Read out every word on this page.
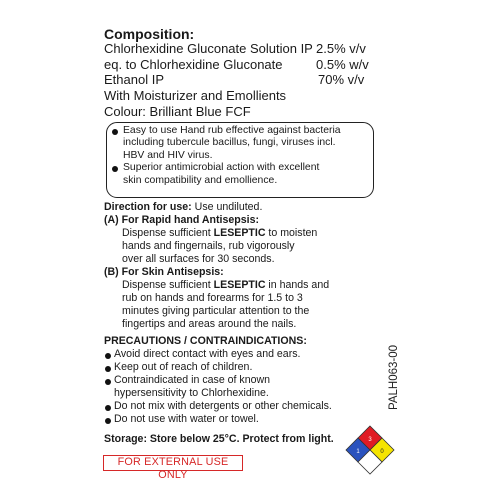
Composition:
Chlorhexidine Gluconate Solution IP 2.5% v/v
eq. to Chlorhexidine Gluconate	0.5% w/v
Ethanol IP	70% v/v
With Moisturizer and Emollients
Colour: Brilliant Blue FCF
Easy to use Hand rub effective against bacteria
including tubercule bacillus, fungi, viruses incl.
HBV and HIV virus.
Superior antimicrobial action with excellent
skin compatibility and emollience.
Direction for use: Use undiluted.
(A) For Rapid hand Antisepsis:
Dispense sufficient LESEPTIC to moisten
hands and fingernails, rub vigorously
over all surfaces for 30 seconds.
(B) For Skin Antisepsis:
Dispense sufficient LESEPTIC in hands and
rub on hands and forearms for 1.5 to 3
minutes giving particular attention to the
fingertips and areas around the nails.
PRECAUTIONS / CONTRAINDICATIONS:
Avoid direct contact with eyes and ears.
Keep out of reach of children.
Contraindicated in case of known
hypersensitivity to Chlorhexidine.
Do not mix with detergents or other chemicals.
Do not use with water or towel.
Storage: Store below 25°C. Protect from light.
FOR EXTERNAL USE ONLY
PALH063-00
3
1	0
